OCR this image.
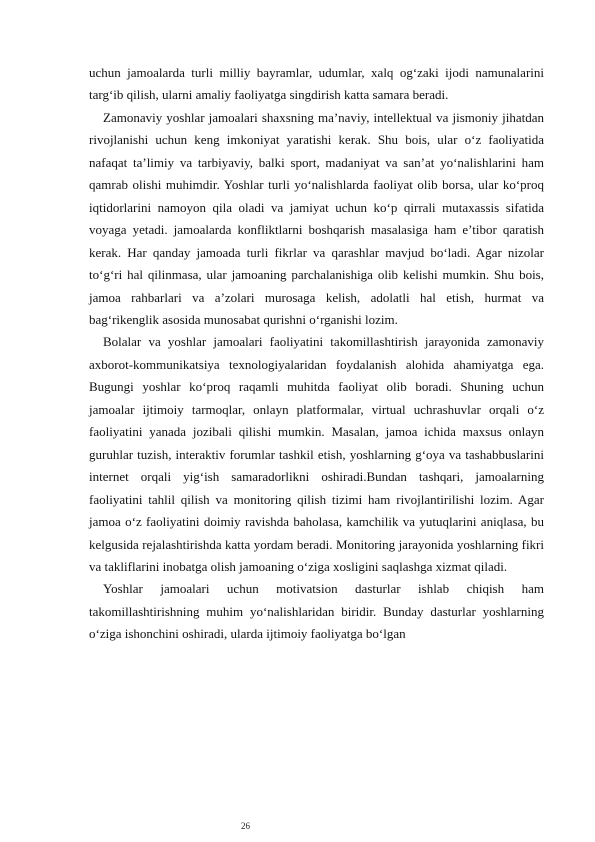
uchun jamoalarda turli milliy bayramlar, udumlar, xalq og‘zaki ijodi namunalarini targ‘ib qilish, ularni amaliy faoliyatga singdirish katta samara beradi.

Zamonaviy yoshlar jamoalari shaxsning ma’naviy, intellektual va jismoniy jihatdan rivojlanishi uchun keng imkoniyat yaratishi kerak. Shu bois, ular o‘z faoliyatida nafaqat ta’limiy va tarbiyaviy, balki sport, madaniyat va san’at yo‘nalishlarini ham qamrab olishi muhimdir. Yoshlar turli yo‘nalishlarda faoliyat olib borsa, ular ko‘proq iqtidorlarini namoyon qila oladi va jamiyat uchun ko‘p qirrali mutaxassis sifatida voyaga yetadi. jamoalarda konfliktlarni boshqarish masalasiga ham e’tibor qaratish kerak. Har qanday jamoada turli fikrlar va qarashlar mavjud bo‘ladi. Agar nizolar to‘g‘ri hal qilinmasa, ular jamoaning parchalanishiga olib kelishi mumkin. Shu bois, jamoa rahbarlari va a’zolari murosaga kelish, adolatli hal etish, hurmat va bag‘rikenglik asosida munosabat qurishni o‘rganishi lozim.

Bolalar va yoshlar jamoalari faoliyatini takomillashtirish jarayonida zamonaviy axborot-kommunikatsiya texnologiyalaridan foydalanish alohida ahamiyatga ega. Bugungi yoshlar ko‘proq raqamli muhitda faoliyat olib boradi. Shuning uchun jamoalar ijtimoiy tarmoqlar, onlayn platformalar, virtual uchrashuvlar orqali o‘z faoliyatini yanada jozibali qilishi mumkin. Masalan, jamoa ichida maxsus onlayn guruhlar tuzish, interaktiv forumlar tashkil etish, yoshlarning g‘oya va tashabbuslarini internet orqali yig‘ish samaradorlikni oshiradi.Bundan tashqari, jamoalarning faoliyatini tahlil qilish va monitoring qilish tizimi ham rivojlantirilishi lozim. Agar jamoa o‘z faoliyatini doimiy ravishda baholasa, kamchilik va yutuqlarini aniqlasa, bu kelgusida rejalashtirishda katta yordam beradi. Monitoring jarayonida yoshlarning fikri va takliflarini inobatga olish jamoaning o‘ziga xosligini saqlashga xizmat qiladi.

Yoshlar jamoalari uchun motivatsion dasturlar ishlab chiqish ham takomillashtirishning muhim yo‘nalishlaridan biridir. Bunday dasturlar yoshlarning o‘ziga ishonchini oshiradi, ularda ijtimoiy faoliyatga bo‘lgan

26
